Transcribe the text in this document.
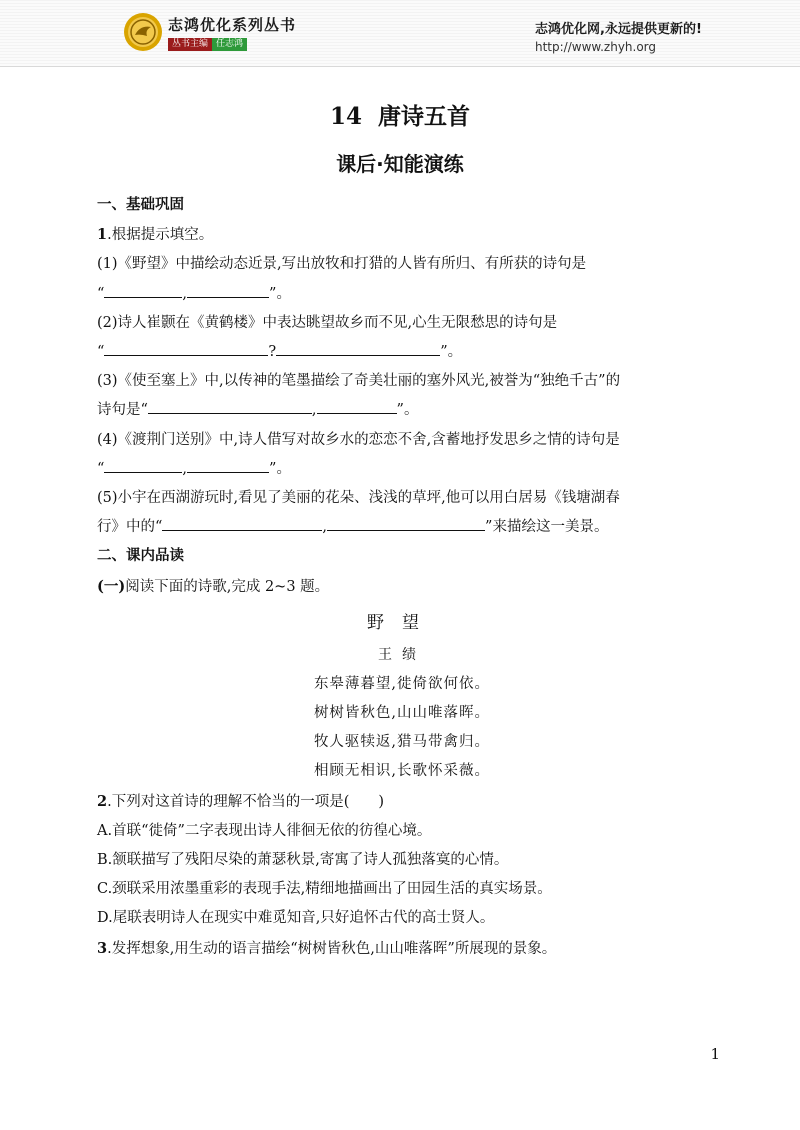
志鸿优化系列丛书
丛书主编 任志鸿
志鸿优化网,永远提供更新的!
http://www.zhyh.org
14  唐诗五首
课后·知能演练
一、基础巩固
1.根据提示填空。
(1)《野望》中描绘动态近景,写出放牧和打猎的人皆有所归、有所获的诗句是
“	,	”。
(2)诗人崔颢在《黄鹤楼》中表达眺望故乡而不见,心生无限愁思的诗句是
“	?	”。
(3)《使至塞上》中,以传神的笔墨描绘了奇美壮丽的塞外风光,被誉为“独绝千古”的
诗句是“	,	”。
(4)《渡荆门送别》中,诗人借写对故乡水的恋恋不舍,含蓄地抒发思乡之情的诗句是
“	,	”。
(5)小宇在西湖游玩时,看见了美丽的花朵、浅浅的草坪,他可以用白居易《钱塘湖春
行》中的“	,	”来描绘这一美景。
二、课内品读
(一)阅读下面的诗歌,完成 2~3 题。
野望
王绩
东皋薄暮望,徙倚欲何依。
树树皆秋色,山山唯落晖。
牧人驱犊返,猎马带禽归。
相顾无相识,长歌怀采薇。
2.下列对这首诗的理解不恰当的一项是(　　)
A.首联“徙倚”二字表现出诗人徘徊无依的彷徨心境。
B.颔联描写了残阳尽染的萧瑟秋景,寄寓了诗人孤独落寞的心情。
C.颈联采用浓墨重彩的表现手法,精细地描画出了田园生活的真实场景。
D.尾联表明诗人在现实中难觅知音,只好追怀古代的高士贤人。
3.发挥想象,用生动的语言描绘“树树皆秋色,山山唯落晖”所展现的景象。
1
